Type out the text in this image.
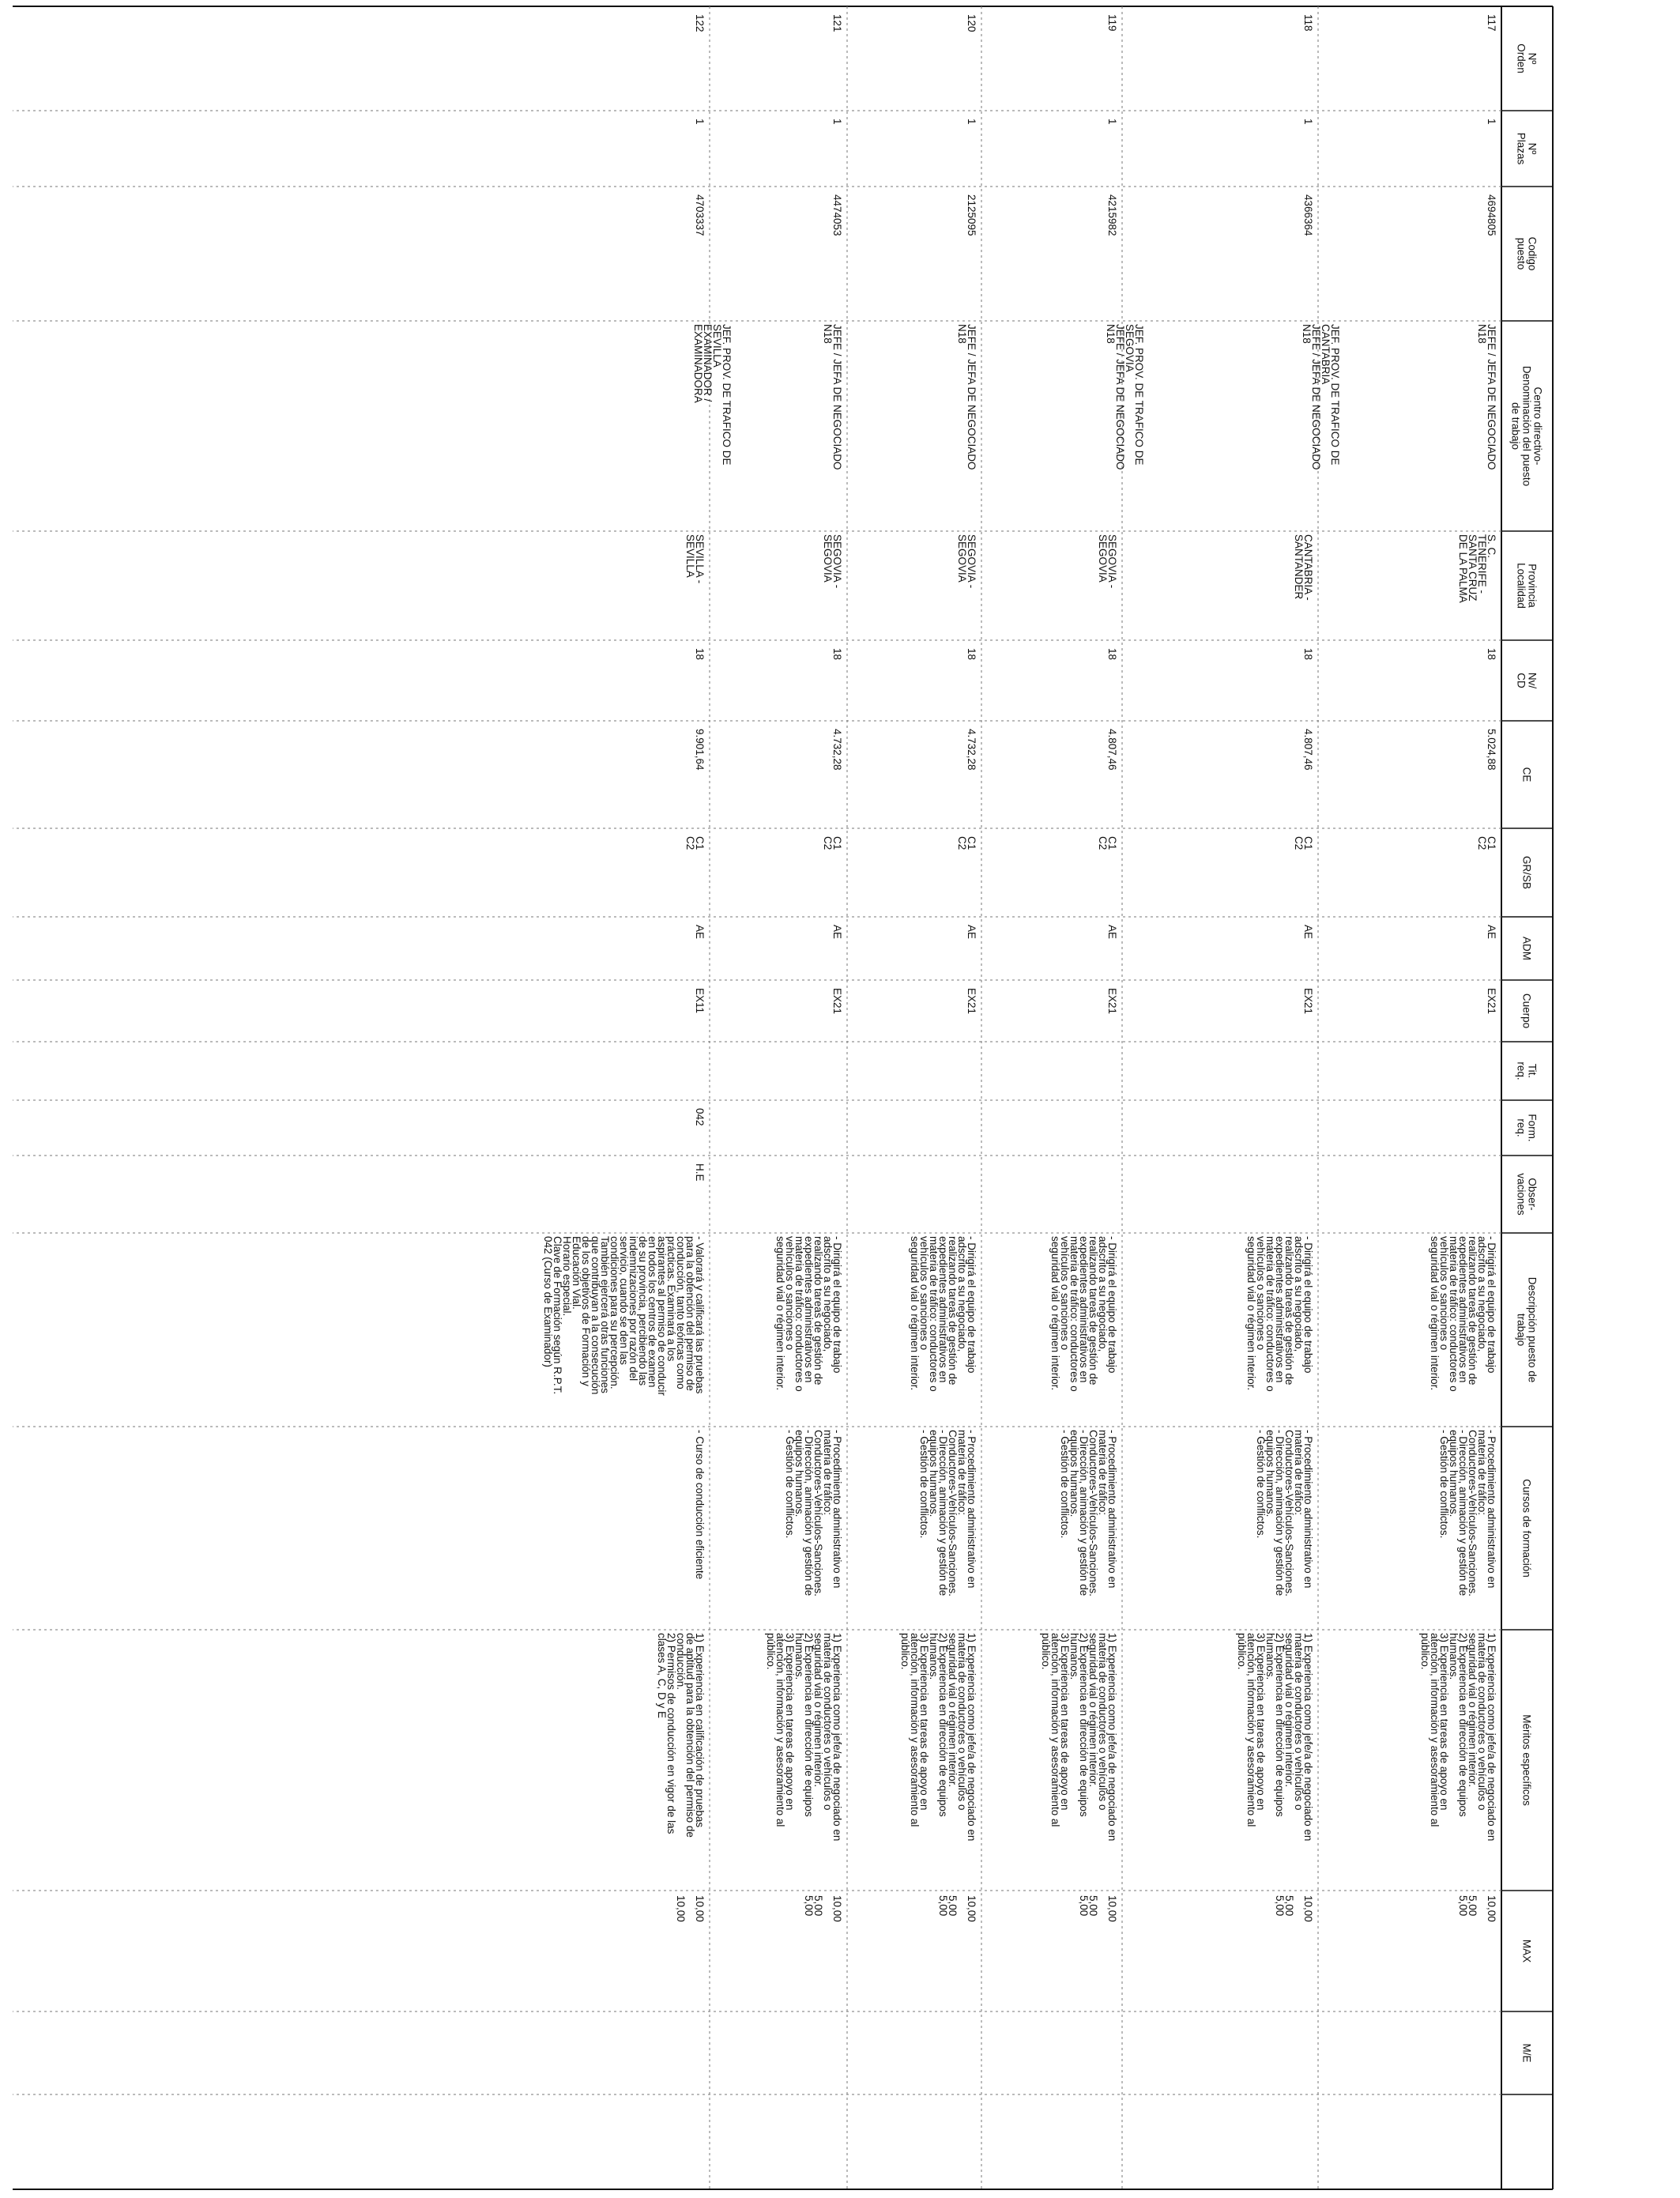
Nº
Orden
Nº
Plazas
Codigo
puesto
Centro directivo-
Denominación del puesto
de trabajo
Provincia
Localidad
Nv/
CD
CE
GR/SB
ADM
Cuerpo
Tit.
req.
Form.
req.
Obser-
vaciones
Descripción puesto de
trabajo
Cursos de formación
Méritos específicos
MAX
M/E
117
1
4694805
JEFE / JEFA DE NEGOCIADO
N18
S. C.
TENERIFE -
SANTA CRUZ
DE LA PALMA
18
5.024,88
C1
C2
AE
EX21
- Dirigirá el equipo de trabajo
adscrito a su negociado,
realizando tareas de gestión de
expedientes administrativos en
materia de tráfico: conductores o
vehículos o sanciones o
seguridad vial o régimen interior.
- Procedimiento administrativo en
materia de tráfico:
Conductores-Vehículos-Sanciones.
- Dirección, animación y gestión de
equipos humanos.
- Gestión de conflictos.
1) Experiencia como jefe/a de negociado en
materia de conductores o vehículos o
seguridad vial o régimen interior.
2) Experiencia en dirección de equipos
humanos.
3) Experiencia en tareas de apoyo en
atención, información y asesoramiento al
público.
10,00
5,00
5,00
118
1
4366364
JEF. PROV. DE TRAFICO DE
CANTABRIA
JEFE / JEFA DE NEGOCIADO
N18
CANTABRIA -
SANTANDER
18
4.807,46
C1
C2
AE
EX21
- Dirigirá el equipo de trabajo
adscrito a su negociado,
realizando tareas de gestión de
expedientes administrativos en
materia de tráfico: conductores o
vehículos o sanciones o
seguridad vial o régimen interior.
- Procedimiento administrativo en
materia de tráfico:
Conductores-Vehículos-Sanciones.
- Dirección, animación y gestión de
equipos humanos.
- Gestión de conflictos.
1) Experiencia como jefe/a de negociado en
materia de conductores o vehículos o
seguridad vial o régimen interior.
2) Experiencia en dirección de equipos
humanos.
3) Experiencia en tareas de apoyo en
atención, información y asesoramiento al
público.
10,00
5,00
5,00
119
1
4215982
JEF. PROV. DE TRAFICO DE
SEGOVIA
JEFE / JEFA DE NEGOCIADO
N18
SEGOVIA -
SEGOVIA
18
4.807,46
C1
C2
AE
EX21
- Dirigirá el equipo de trabajo
adscrito a su negociado,
realizando tareas de gestión de
expedientes administrativos en
materia de tráfico: conductores o
vehículos o sanciones o
seguridad vial o régimen interior.
- Procedimiento administrativo en
materia de tráfico:
Conductores-Vehículos-Sanciones.
- Dirección, animación y gestión de
equipos humanos.
- Gestión de conflictos.
1) Experiencia como jefe/a de negociado en
materia de conductores o vehículos o
seguridad vial o régimen interior.
2) Experiencia en dirección de equipos
humanos.
3) Experiencia en tareas de apoyo en
atención, información y asesoramiento al
público.
10,00
5,00
5,00
120
1
2125095
JEFE / JEFA DE NEGOCIADO
N18
SEGOVIA -
SEGOVIA
18
4.732,28
C1
C2
AE
EX21
- Dirigirá el equipo de trabajo
adscrito a su negociado,
realizando tareas de gestión de
expedientes administrativos en
materia de tráfico: conductores o
vehículos o sanciones o
seguridad vial o régimen interior.
- Procedimiento administrativo en
materia de tráfico:
Conductores-Vehículos-Sanciones.
- Dirección, animación y gestión de
equipos humanos.
- Gestión de conflictos.
1) Experiencia como jefe/a de negociado en
materia de conductores o vehículos o
seguridad vial o régimen interior.
2) Experiencia en dirección de equipos
humanos.
3) Experiencia en tareas de apoyo en
atención, información y asesoramiento al
público.
10,00
5,00
5,00
121
1
4474053
JEFE / JEFA DE NEGOCIADO
N18
SEGOVIA -
SEGOVIA
18
4.732,28
C1
C2
AE
EX21
- Dirigirá el equipo de trabajo
adscrito a su negociado,
realizando tareas de gestión de
expedientes administrativos en
materia de tráfico: conductores o
vehículos o sanciones o
seguridad vial o régimen interior.
- Procedimiento administrativo en
materia de tráfico:
Conductores-Vehículos-Sanciones.
- Dirección, animación y gestión de
equipos humanos.
- Gestión de conflictos.
1) Experiencia como jefe/a de negociado en
materia de conductores o vehículos o
seguridad vial o régimen interior.
2) Experiencia en dirección de equipos
humanos.
3) Experiencia en tareas de apoyo en
atención, información y asesoramiento al
público.
10,00
5,00
5,00
122
1
4703337
JEF. PROV. DE TRAFICO DE
SEVILLA
EXAMINADOR /
EXAMINADORA
SEVILLA -
SEVILLA
18
9.901,64
C1
C2
AE
EX11
042
H.E
- Valorará y calificará las pruebas
para la obtención del permiso de
conducción, tanto teóricas como
prácticas. Examinará a los
aspirantes al permiso de conducir
en todos los centros de examen
de su provincia, percibiendo las
indemnizaciones por razón del
servicio, cuando se den las
condiciones para su percepción.
También ejercerá otras funciones
que contribuyan a la consecución
de los objetivos de Formación y
Educación Vial.
Horario especial.
Clave de Formación según R.P.T.
042 (Curso de Examinador)
- Curso de conducción eficiente
1) Experiencia en calificación de pruebas
de aptitud para la obtención del permiso de
conducción.
2) Permisos de conducción en vigor de las
clases A, C, D y E
10,00
10,00
